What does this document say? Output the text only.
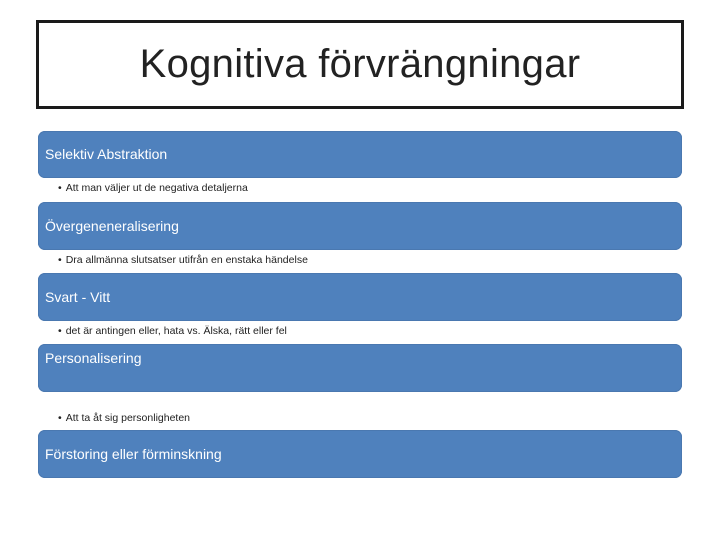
Kognitiva förvrängningar
Selektiv Abstraktion
• Att man väljer ut de negativa detaljerna
Övergeneneralisering
• Dra allmänna slutsatser utifrån en enstaka händelse
Svart - Vitt
• det är antingen eller, hata vs. Älska, rätt eller fel
Personalisering
• Att ta åt sig personligheten
Förstoring eller förminskning
